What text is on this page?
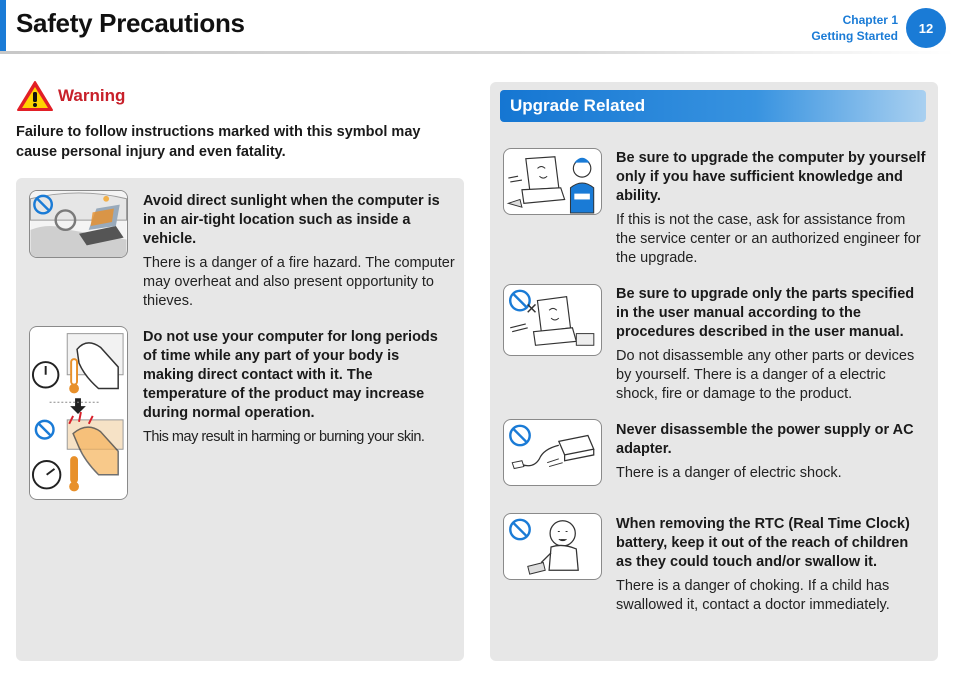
Safety Precautions	Chapter 1
Getting Started
12
Warning

Failure to follow instructions marked with this symbol may cause personal injury and even fatality.

Avoid direct sunlight when the computer is in an air-tight location such as inside a vehicle.
There is a danger of a fire hazard. The computer may overheat and also present opportunity to thieves.
Do not use your computer for long periods of time while any part of your body is making direct contact with it. The temperature of the product may increase during normal operation.
This may result in harming or burning your skin.
Upgrade Related
Be sure to upgrade the computer by yourself only if you have sufficient knowledge and ability.
If this is not the case, ask for assistance from the service center or an authorized engineer for the upgrade.
Be sure to upgrade only the parts specified in the user manual according to the procedures described in the user manual.
Do not disassemble any other parts or devices by yourself. There is a danger of a electric shock, fire or damage to the product.
Never disassemble the power supply or AC adapter.
There is a danger of electric shock.
When removing the RTC (Real Time Clock) battery, keep it out of the reach of children as they could touch and/or swallow it.
There is a danger of choking. If a child has swallowed it, contact a doctor immediately.
